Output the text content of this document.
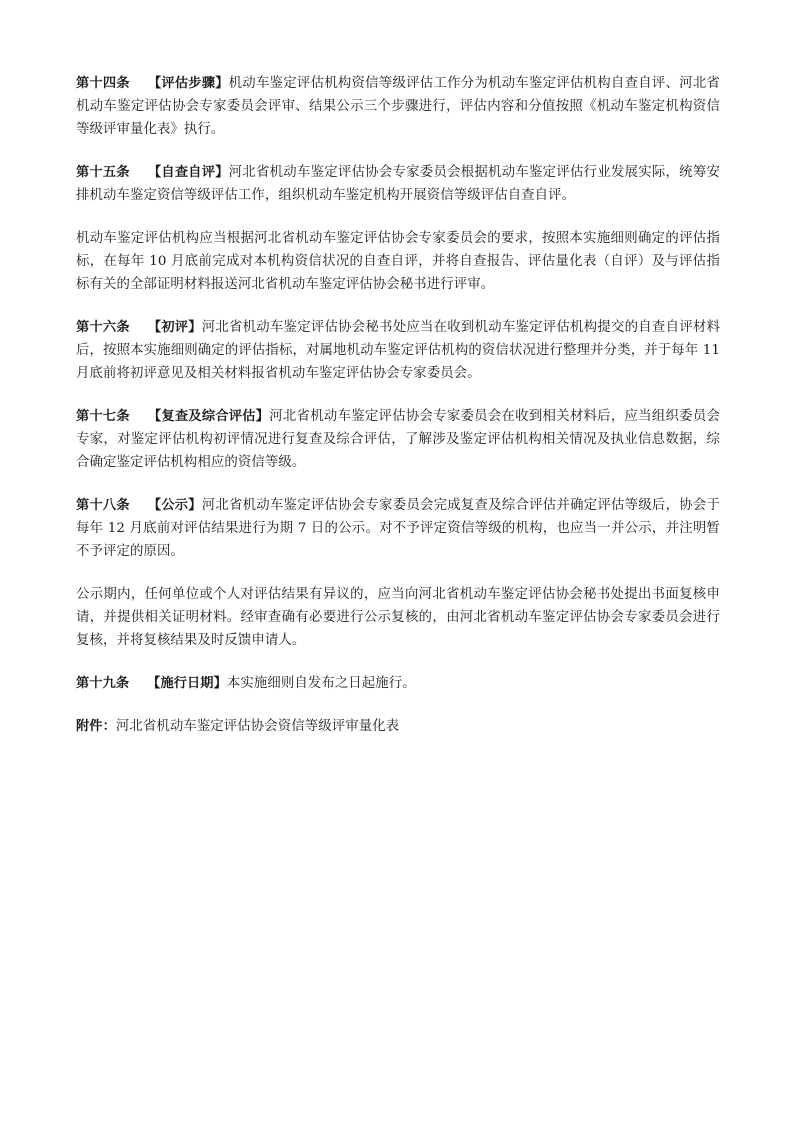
第十四条 【评估步骤】机动车鉴定评估机构资信等级评估工作分为机动车鉴定评估机构自查自评、河北省机动车鉴定评估协会专家委员会评审、结果公示三个步骤进行，评估内容和分值按照《机动车鉴定机构资信等级评审量化表》执行。

第十五条 【自查自评】河北省机动车鉴定评估协会专家委员会根据机动车鉴定评估行业发展实际，统筹安排机动车鉴定资信等级评估工作，组织机动车鉴定机构开展资信等级评估自查自评。

机动车鉴定评估机构应当根据河北省机动车鉴定评估协会专家委员会的要求，按照本实施细则确定的评估指标，在每年 10 月底前完成对本机构资信状况的自查自评，并将自查报告、评估量化表（自评）及与评估指标有关的全部证明材料报送河北省机动车鉴定评估协会秘书进行评审。

第十六条 【初评】河北省机动车鉴定评估协会秘书处应当在收到机动车鉴定评估机构提交的自查自评材料后，按照本实施细则确定的评估指标，对属地机动车鉴定评估机构的资信状况进行整理并分类，并于每年 11 月底前将初评意见及相关材料报省机动车鉴定评估协会专家委员会。

第十七条 【复查及综合评估】河北省机动车鉴定评估协会专家委员会在收到相关材料后，应当组织委员会专家，对鉴定评估机构初评情况进行复查及综合评估，了解涉及鉴定评估机构相关情况及执业信息数据，综合确定鉴定评估机构相应的资信等级。

第十八条 【公示】河北省机动车鉴定评估协会专家委员会完成复查及综合评估并确定评估等级后，协会于每年 12 月底前对评估结果进行为期 7 日的公示。对不予评定资信等级的机构，也应当一并公示，并注明暂不予评定的原因。

公示期内，任何单位或个人对评估结果有异议的，应当向河北省机动车鉴定评估协会秘书处提出书面复核申请，并提供相关证明材料。经审查确有必要进行公示复核的，由河北省机动车鉴定评估协会专家委员会进行复核，并将复核结果及时反馈申请人。

第十九条 【施行日期】本实施细则自发布之日起施行。

附件：河北省机动车鉴定评估协会资信等级评审量化表
